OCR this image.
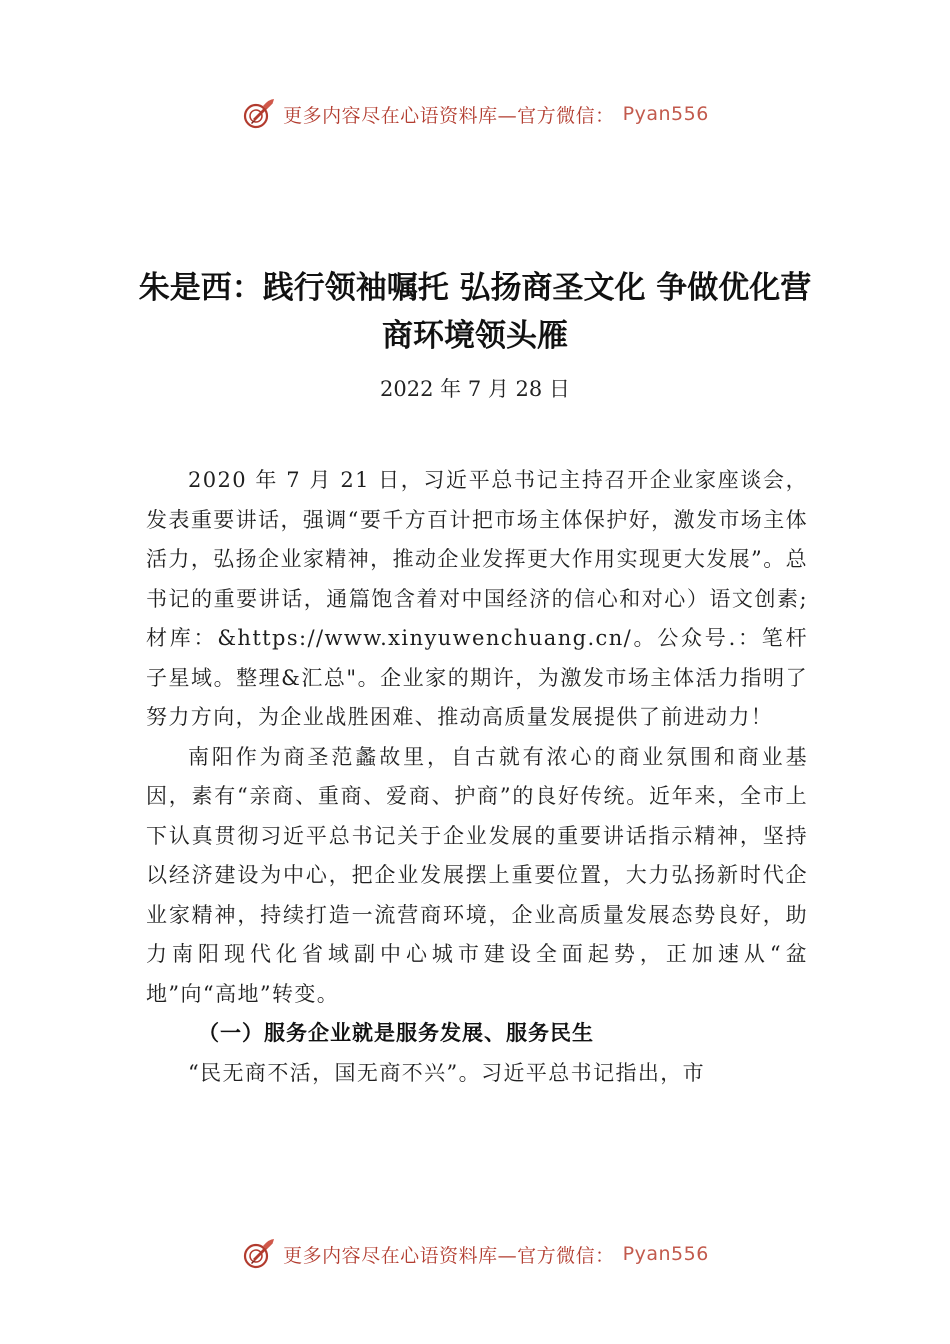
更多内容尽在心语资料库—官方微信： Pyan556
朱是西：践行领袖嘱托 弘扬商圣文化 争做优化营商环境领头雁
2022 年 7 月 28 日

2020 年 7 月 21 日，习近平总书记主持召开企业家座谈会，发表重要讲话，强调“要千方百计把市场主体保护好，激发市场主体活力，弘扬企业家精神，推动企业发挥更大作用实现更大发展”。总书记的重要讲话，通篇饱含着对中国经济的信心和对心）语文创素;材库：&https://www.xinyuwenchuang.cn/。公众号.：笔杆子星域。整理&汇总"。企业家的期许，为激发市场主体活力指明了努力方向，为企业战胜困难、推动高质量发展提供了前进动力！

南阳作为商圣范蠡故里，自古就有浓心的商业氛围和商业基因，素有“亲商、重商、爱商、护商”的良好传统。近年来，全市上下认真贯彻习近平总书记关于企业发展的重要讲话指示精神，坚持以经济建设为中心，把企业发展摆上重要位置，大力弘扬新时代企业家精神，持续打造一流营商环境，企业高质量发展态势良好，助力南阳现代化省域副中心城市建设全面起势，正加速从“盆地”向“高地”转变。

（一）服务企业就是服务发展、服务民生

“民无商不活，国无商不兴”。习近平总书记指出，市

更多内容尽在心语资料库—官方微信： Pyan556
